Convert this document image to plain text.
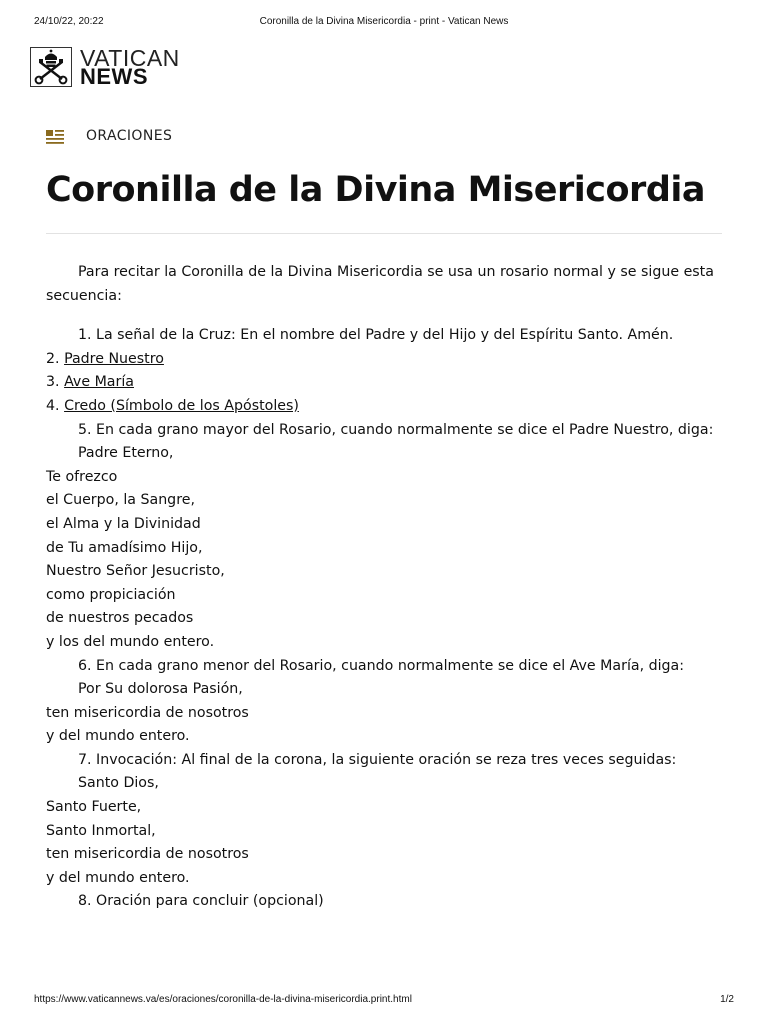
24/10/22, 20:22	Coronilla de la Divina Misericordia - print - Vatican News
VATICAN
NEWS
ORACIONES
Coronilla de la Divina Misericordia

Para recitar la Coronilla de la Divina Misericordia se usa un rosario normal y se sigue esta secuencia:

1. La señal de la Cruz: En el nombre del Padre y del Hijo y del Espíritu Santo. Amén.

2. Padre Nuestro

3. Ave María

4. Credo (Símbolo de los Apóstoles)

5. En cada grano mayor del Rosario, cuando normalmente se dice el Padre Nuestro, diga:

Padre Eterno,

Te ofrezco

el Cuerpo, la Sangre,

el Alma y la Divinidad

de Tu amadísimo Hijo,

Nuestro Señor Jesucristo,

como propiciación

de nuestros pecados

y los del mundo entero.

6. En cada grano menor del Rosario, cuando normalmente se dice el Ave María, diga:

Por Su dolorosa Pasión,

ten misericordia de nosotros

y del mundo entero.

7. Invocación: Al final de la corona, la siguiente oración se reza tres veces seguidas:

Santo Dios,

Santo Fuerte,

Santo Inmortal,

ten misericordia de nosotros

y del mundo entero.

8. Oración para concluir (opcional)

https://www.vaticannews.va/es/oraciones/coronilla-de-la-divina-misericordia.print.html	1/2
